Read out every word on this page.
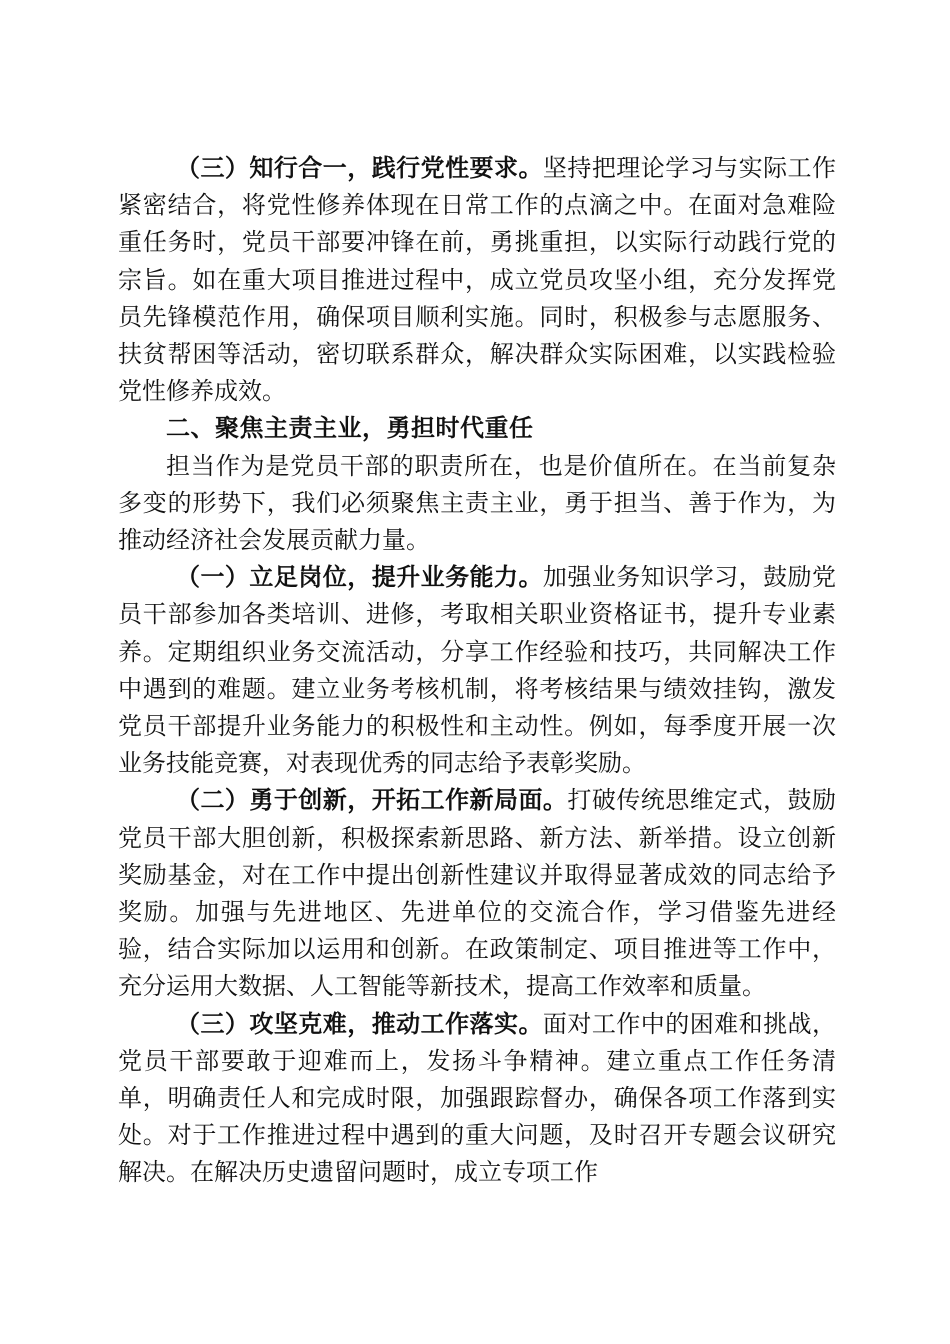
（三）知行合一，践行党性要求。坚持把理论学习与实际工作紧密结合，将党性修养体现在日常工作的点滴之中。在面对急难险重任务时，党员干部要冲锋在前，勇挑重担，以实际行动践行党的宗旨。如在重大项目推进过程中，成立党员攻坚小组，充分发挥党员先锋模范作用，确保项目顺利实施。同时，积极参与志愿服务、扶贫帮困等活动，密切联系群众，解决群众实际困难，以实践检验党性修养成效。

二、聚焦主责主业，勇担时代重任

担当作为是党员干部的职责所在，也是价值所在。在当前复杂多变的形势下，我们必须聚焦主责主业，勇于担当、善于作为，为推动经济社会发展贡献力量。

（一）立足岗位，提升业务能力。加强业务知识学习，鼓励党员干部参加各类培训、进修，考取相关职业资格证书，提升专业素养。定期组织业务交流活动，分享工作经验和技巧，共同解决工作中遇到的难题。建立业务考核机制，将考核结果与绩效挂钩，激发党员干部提升业务能力的积极性和主动性。例如，每季度开展一次业务技能竞赛，对表现优秀的同志给予表彰奖励。

（二）勇于创新，开拓工作新局面。打破传统思维定式，鼓励党员干部大胆创新，积极探索新思路、新方法、新举措。设立创新奖励基金，对在工作中提出创新性建议并取得显著成效的同志给予奖励。加强与先进地区、先进单位的交流合作，学习借鉴先进经验，结合实际加以运用和创新。在政策制定、项目推进等工作中，充分运用大数据、人工智能等新技术，提高工作效率和质量。

（三）攻坚克难，推动工作落实。面对工作中的困难和挑战，党员干部要敢于迎难而上，发扬斗争精神。建立重点工作任务清单，明确责任人和完成时限，加强跟踪督办，确保各项工作落到实处。对于工作推进过程中遇到的重大问题，及时召开专题会议研究解决。在解决历史遗留问题时，成立专项工作
